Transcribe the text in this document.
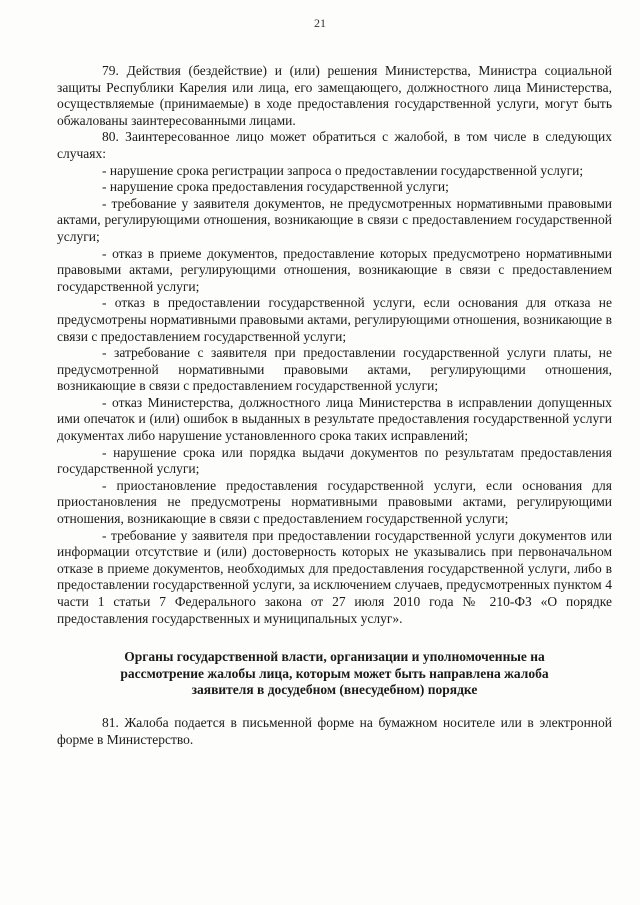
21

79. Действия (бездействие) и (или) решения Министерства, Министра социальной защиты Республики Карелия или лица, его замещающего, должностного лица Министерства, осуществляемые (принимаемые) в ходе предоставления государственной услуги, могут быть обжалованы заинтересованными лицами.

80. Заинтересованное лицо может обратиться с жалобой, в том числе в следующих случаях:

- нарушение срока регистрации запроса о предоставлении государственной услуги;

- нарушение срока предоставления государственной услуги;

- требование у заявителя документов, не предусмотренных нормативными правовыми актами, регулирующими отношения, возникающие в связи с предоставлением государственной услуги;

- отказ в приеме документов, предоставление которых предусмотрено нормативными правовыми актами, регулирующими отношения, возникающие в связи с предоставлением государственной услуги;

- отказ в предоставлении государственной услуги, если основания для отказа не предусмотрены нормативными правовыми актами, регулирующими отношения, возникающие в связи с предоставлением государственной услуги;

- затребование с заявителя при предоставлении государственной услуги платы, не предусмотренной нормативными правовыми актами, регулирующими отношения, возникающие в связи с предоставлением государственной услуги;

- отказ Министерства, должностного лица Министерства в исправлении допущенных ими опечаток и (или) ошибок в выданных в результате предоставления государственной услуги документах либо нарушение установленного срока таких исправлений;

- нарушение срока или порядка выдачи документов по результатам предоставления государственной услуги;

- приостановление предоставления государственной услуги, если основания для приостановления не предусмотрены нормативными правовыми актами, регулирующими отношения, возникающие в связи с предоставлением государственной услуги;

- требование у заявителя при предоставлении государственной услуги документов или информации отсутствие и (или) достоверность которых не указывались при первоначальном отказе в приеме документов, необходимых для предоставления государственной услуги, либо в предоставлении государственной услуги, за исключением случаев, предусмотренных пунктом 4 части 1 статьи 7 Федерального закона от 27 июля 2010 года № 210-ФЗ «О порядке предоставления государственных и муниципальных услуг».

Органы государственной власти, организации и уполномоченные на
рассмотрение жалобы лица, которым может быть направлена жалоба
заявителя в досудебном (внесудебном) порядке

81. Жалоба подается в письменной форме на бумажном носителе или в электронной форме в Министерство.
